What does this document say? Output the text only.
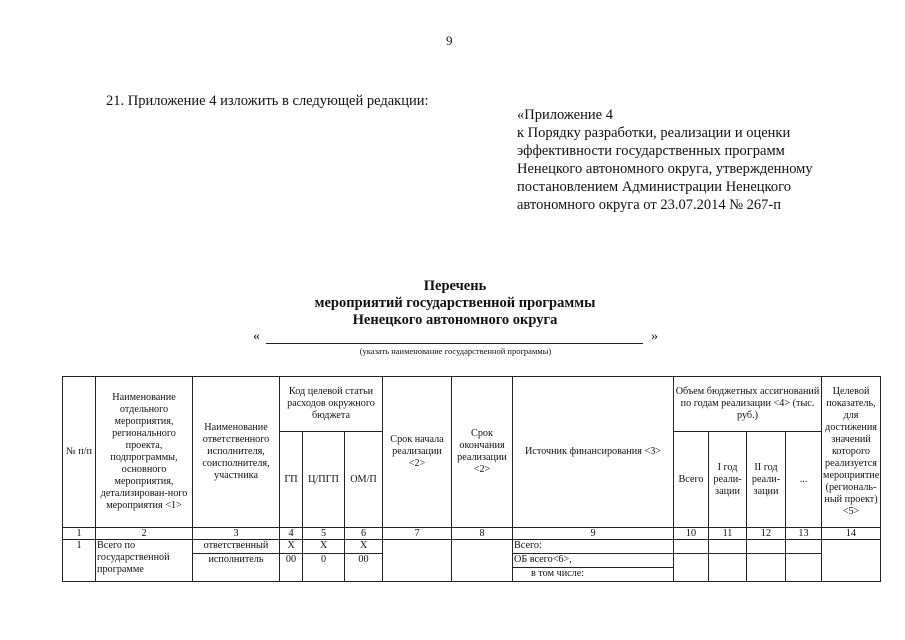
9
21. Приложение 4 изложить в следующей редакции:
«Приложение 4
к Порядку разработки, реализации и оценки
эффективности государственных программ
Ненецкого автономного округа, утвержденному
постановлением Администрации Ненецкого
автономного округа от 23.07.2014 № 267-п
Перечень
мероприятий государственной программы
Ненецкого автономного округа
«	»
(указать наименование государственной программы)
№ п/п	Наименование отдельного мероприятия, регионального проекта, подпрограммы, основного мероприятия, детализирован-ного мероприятия <1>	Наименование ответственного исполнителя, соисполнителя, участника	Код целевой статьи расходов окружного бюджета			Срок начала реализации <2>	Срок окончания реализации <2>	Источник финансирования <3>	Объем бюджетных ассигнований по годам реализации <4> (тыс. руб.)				Целевой показатель, для достижения значений которого реализуется мероприятие (региональ-ный проект) <5>
			ГП	Ц/ПГП	ОМ/П				Всего	I год реали-зации	II год реали-зации	...	
1	2	3	4	5	6	7	8	9	10	11	12	13	14
1	Всего по государственной программе	ответственный	Х	Х	Х			Всего:					
		исполнитель	00	0	00			ОБ всего<6>,					
								в том числе:					
